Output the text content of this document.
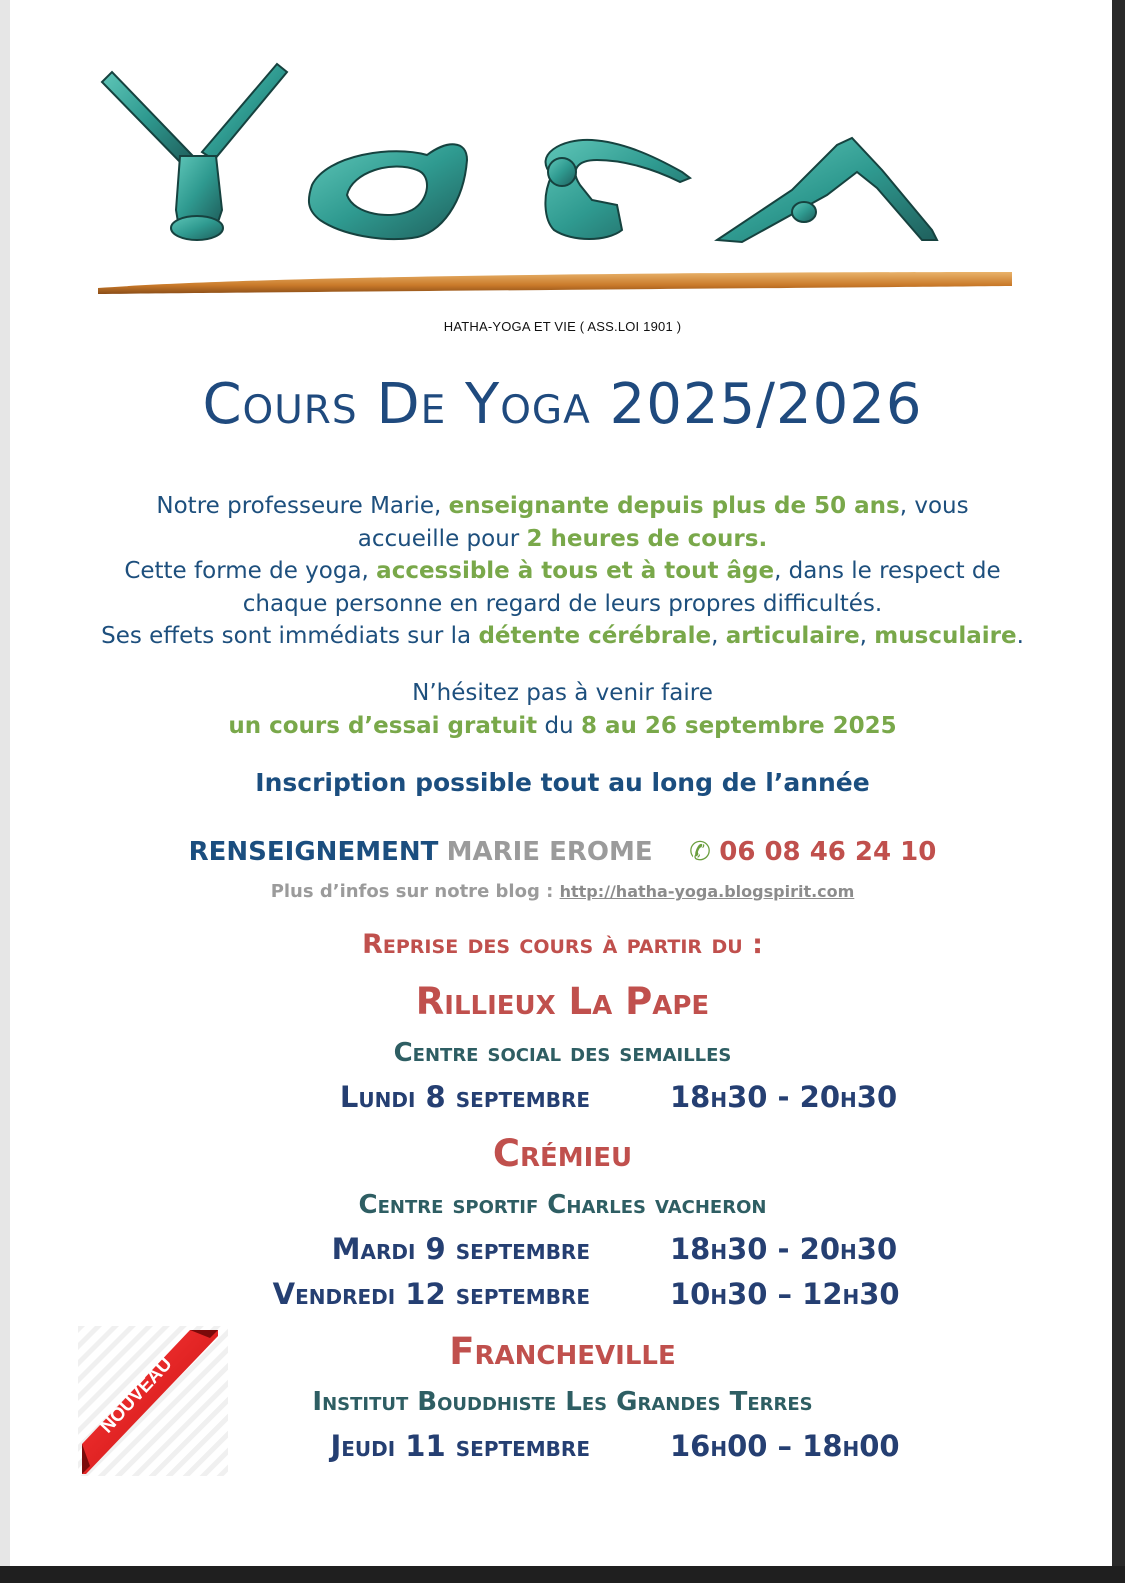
HATHA-YOGA ET VIE ( ASS.LOI 1901 )
Cours De Yoga 2025/2026
Notre professeure Marie, enseignante depuis plus de 50 ans, vous
accueille pour 2 heures de cours.
Cette forme de yoga, accessible à tous et à tout âge, dans le respect de
chaque personne en regard de leurs propres difficultés.
Ses effets sont immédiats sur la détente cérébrale, articulaire, musculaire.
N’hésitez pas à venir faire
un cours d’essai gratuit du 8 au 26 septembre 2025
Inscription possible tout au long de l’année
RENSEIGNEMENT MARIE EROME ✆ 06 08 46 24 10
Plus d’infos sur notre blog : http://hatha-yoga.blogspirit.com
Reprise des cours à partir du :
Rillieux La Pape
Centre social des semailles
Lundi 8 septembre	18h30 - 20h30
Crémieu
Centre sportif Charles vacheron
Mardi 9 septembre	18h30 - 20h30
Vendredi 12 septembre	10h30 – 12h30
Francheville
Institut Bouddhiste Les Grandes Terres
Jeudi 11 septembre	16h00 – 18h00
NOUVEAU
